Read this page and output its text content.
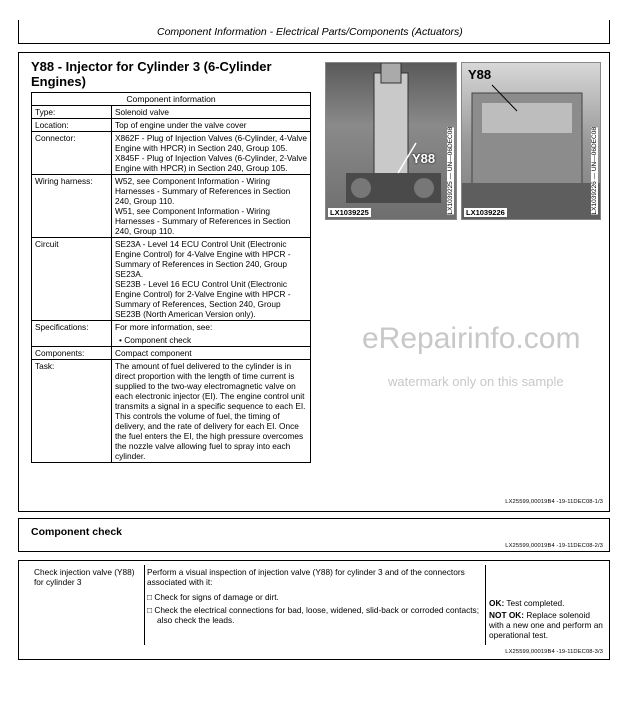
Component Information - Electrical Parts/Components (Actuators)
Y88 - Injector for Cylinder 3 (6-Cylinder Engines)
Component information	
Type:	Solenoid valve
Location:	Top of engine under the valve cover
Connector:	X862F - Plug of Injection Valves (6-Cylinder, 4-Valve Engine with HPCR) in Section 240, Group 105.
X845F - Plug of Injection Valves (6-Cylinder, 2-Valve Engine with HPCR) in Section 240, Group 105.

Wiring harness:	W52, see Component Information - Wiring Harnesses - Summary of References in Section 240, Group 110.
W51, see Component Information - Wiring Harnesses - Summary of References in Section 240, Group 110.

Circuit	SE23A - Level 14 ECU Control Unit (Electronic Engine Control) for 4-Valve Engine with HPCR - Summary of References in Section 240, Group SE23A.
SE23B - Level 16 ECU Control Unit (Electronic Engine Control) for 2-Valve Engine with HPCR - Summary of References, Section 240, Group SE23B (North American Version only).

Specifications:	For more information, see:
• Component check

Components:	Compact component
Task:	The amount of fuel delivered to the cylinder is in direct proportion with the length of time current is supplied to the two-way electromagnetic valve on each electronic injector (EI). The engine control unit transmits a signal in a specific sequence to each EI. This controls the volume of fuel, the timing of delivery, and the rate of delivery for each EI. Once the fuel enters the EI, the high pressure overcomes the nozzle valve allowing fuel to spray into each cylinder.
Y88
LX1039225	LX1039225 — UN—06DEC08
Y88
LX1039226	LX1039226 — UN—06DEC08
LX25599,00019B4 -19-11DEC08-1/3
eRepairinfo.com
watermark only on this sample
Component check
LX25599,00019B4 -19-11DEC08-2/3
Check injection valve (Y88) for cylinder 3
Perform a visual inspection of injection valve (Y88) for cylinder 3 and of the connectors associated with it:
□ Check for signs of damage or dirt.
□ Check the electrical connections for bad, loose, widened, slid-back or corroded contacts; also check the leads.
OK: Test completed.
NOT OK: Replace solenoid with a new one and perform an operational test.
LX25599,00019B4 -19-11DEC08-3/3
